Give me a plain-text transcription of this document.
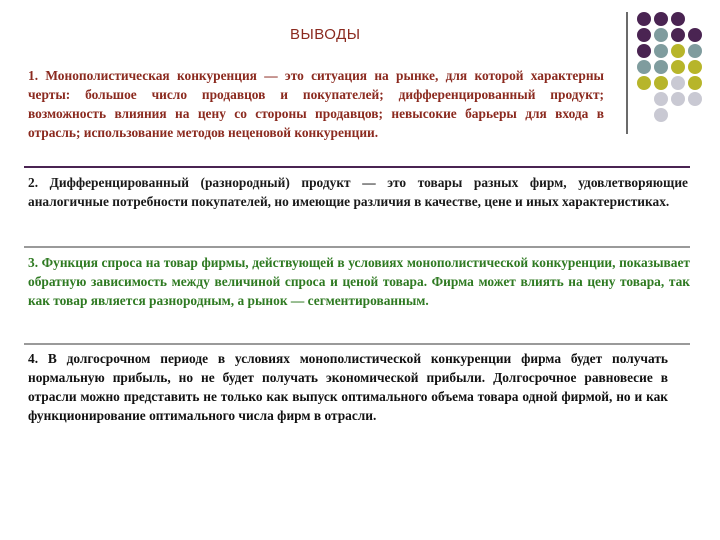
ВЫВОДЫ

1. Монополистическая конкуренция — это ситуация на рынке, для которой характерны черты: большое число продавцов и покупателей; дифференцированный продукт; возможность влияния на цену со стороны продавцов; невысокие барьеры для входа в отрасль; использование методов неценовой конкуренции.

2. Дифференцированный (разнородный) продукт — это товары разных фирм, удовлетворяющие аналогичные потребности покупателей, но имеющие различия в качестве, цене и иных характеристиках.

3. Функция спроса на товар фирмы, действующей в условиях монополистической конкуренции, показывает обратную зависимость между величиной спроса и ценой товара. Фирма может влиять на цену товара, так как товар является разнородным, а рынок — сегментированным.

4. В долгосрочном периоде в условиях монополистической конкуренции фирма будет получать нормальную прибыль, но не будет получать экономической прибыли. Долгосрочное равновесие в отрасли можно представить не только как выпуск оптимального объема товара одной фирмой, но и как функционирование оптимального числа фирм в отрасли.
